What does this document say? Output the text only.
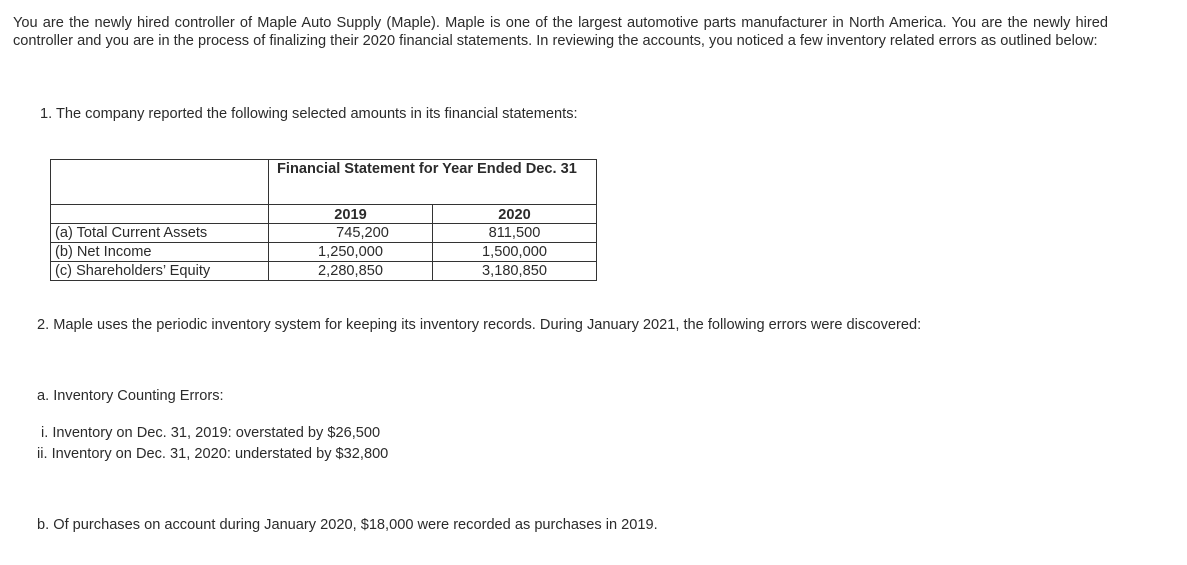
You are the newly hired controller of Maple Auto Supply (Maple). Maple is one of the largest automotive parts manufacturer in North America. You are the newly hired controller and you are in the process of finalizing their 2020 financial statements. In reviewing the accounts, you noticed a few inventory related errors as outlined below:
1. The company reported the following selected amounts in its financial statements:
	Financial Statement for Year Ended Dec. 31	
	2019	2020
(a) Total Current Assets	745,200	811,500
(b) Net Income	1,250,000	1,500,000
(c) Shareholders’ Equity	2,280,850	3,180,850
2. Maple uses the periodic inventory system for keeping its inventory records. During January 2021, the following errors were discovered:
a. Inventory Counting Errors:
i. Inventory on Dec. 31, 2019: overstated by $26,500
ii. Inventory on Dec. 31, 2020: understated by $32,800
b. Of purchases on account during January 2020, $18,000 were recorded as purchases in 2019.
